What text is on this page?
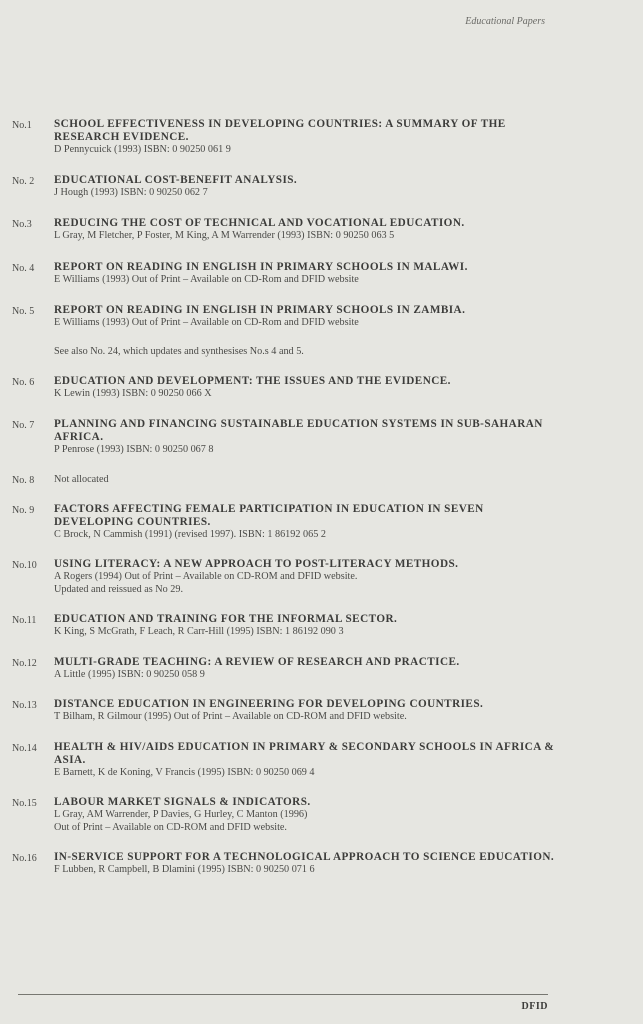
Educational Papers
No.1 SCHOOL EFFECTIVENESS IN DEVELOPING COUNTRIES: A SUMMARY OF THE RESEARCH EVIDENCE.
D Pennycuick (1993) ISBN: 0 90250 061 9
No. 2 EDUCATIONAL COST-BENEFIT ANALYSIS.
J Hough (1993) ISBN: 0 90250 062 7
No.3 REDUCING THE COST OF TECHNICAL AND VOCATIONAL EDUCATION.
L Gray, M Fletcher, P Foster, M King, A M Warrender (1993) ISBN: 0 90250 063 5
No. 4 REPORT ON READING IN ENGLISH IN PRIMARY SCHOOLS IN MALAWI.
E Williams (1993) Out of Print – Available on CD-Rom and DFID website
No. 5 REPORT ON READING IN ENGLISH IN PRIMARY SCHOOLS IN ZAMBIA.
E Williams (1993) Out of Print – Available on CD-Rom and DFID website
See also No. 24, which updates and synthesises No.s 4 and 5.
No. 6 EDUCATION AND DEVELOPMENT: THE ISSUES AND THE EVIDENCE.
K Lewin (1993) ISBN: 0 90250 066 X
No. 7 PLANNING AND FINANCING SUSTAINABLE EDUCATION SYSTEMS IN SUB-SAHARAN AFRICA.
P Penrose (1993) ISBN: 0 90250 067 8
No. 8 Not allocated
No. 9 FACTORS AFFECTING FEMALE PARTICIPATION IN EDUCATION IN SEVEN DEVELOPING COUNTRIES.
C Brock, N Cammish (1991) (revised 1997). ISBN: 1 86192 065 2
No.10 USING LITERACY: A NEW APPROACH TO POST-LITERACY METHODS.
A Rogers (1994) Out of Print – Available on CD-ROM and DFID website.
Updated and reissued as No 29.
No.11 EDUCATION AND TRAINING FOR THE INFORMAL SECTOR.
K King, S McGrath, F Leach, R Carr-Hill (1995) ISBN: 1 86192 090 3
No.12 MULTI-GRADE TEACHING: A REVIEW OF RESEARCH AND PRACTICE.
A Little (1995) ISBN: 0 90250 058 9
No.13 DISTANCE EDUCATION IN ENGINEERING FOR DEVELOPING COUNTRIES.
T Bilham, R Gilmour (1995) Out of Print – Available on CD-ROM and DFID website.
No.14 HEALTH & HIV/AIDS EDUCATION IN PRIMARY & SECONDARY SCHOOLS IN AFRICA & ASIA.
E Barnett, K de Koning, V Francis (1995) ISBN: 0 90250 069 4
No.15 LABOUR MARKET SIGNALS & INDICATORS.
L Gray, AM Warrender, P Davies, G Hurley, C Manton (1996)
Out of Print – Available on CD-ROM and DFID website.
No.16 IN-SERVICE SUPPORT FOR A TECHNOLOGICAL APPROACH TO SCIENCE EDUCATION.
F Lubben, R Campbell, B Dlamini (1995) ISBN: 0 90250 071 6
DFID
